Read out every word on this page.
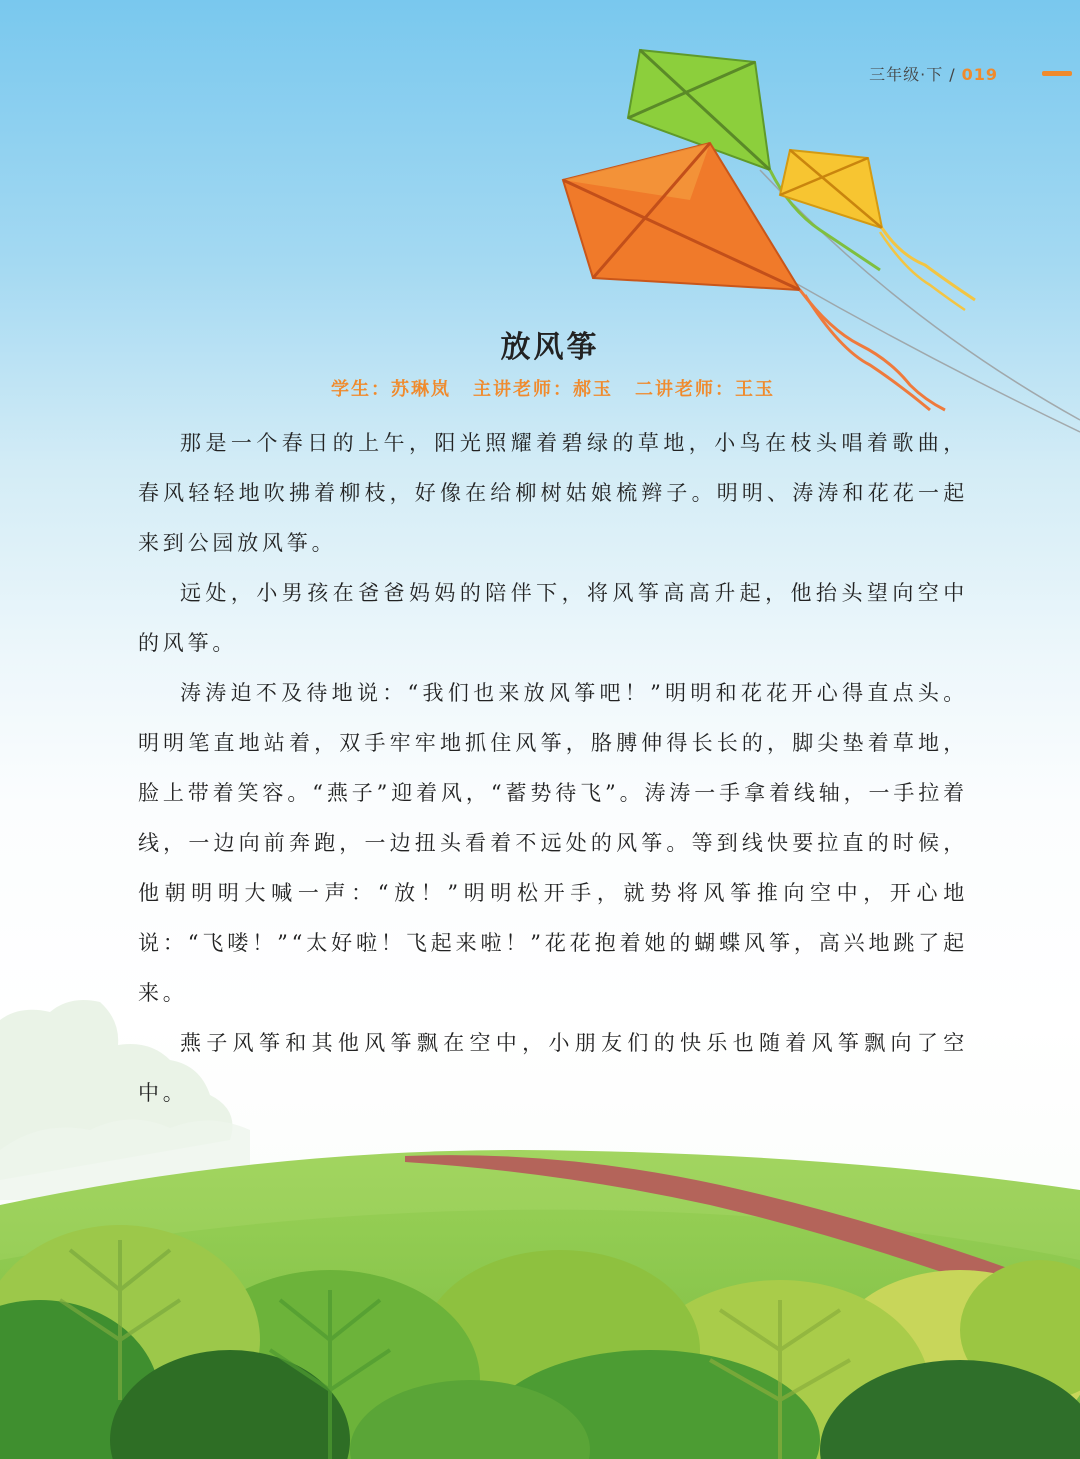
三年级·下 / 019
放风筝
学生：苏琳岚 主讲老师：郝玉 二讲老师：王玉

那是一个春日的上午，阳光照耀着碧绿的草地，小鸟在枝头唱着歌曲，春风轻轻地吹拂着柳枝，好像在给柳树姑娘梳辫子。明明、涛涛和花花一起来到公园放风筝。

远处，小男孩在爸爸妈妈的陪伴下，将风筝高高升起，他抬头望向空中的风筝。

涛涛迫不及待地说：“我们也来放风筝吧！”明明和花花开心得直点头。明明笔直地站着，双手牢牢地抓住风筝，胳膊伸得长长的，脚尖垫着草地，脸上带着笑容。“燕子”迎着风，“蓄势待飞”。涛涛一手拿着线轴，一手拉着线，一边向前奔跑，一边扭头看着不远处的风筝。等到线快要拉直的时候，他朝明明大喊一声：“放！”明明松开手，就势将风筝推向空中，开心地说：“飞喽！”“太好啦！飞起来啦！”花花抱着她的蝴蝶风筝，高兴地跳了起来。

燕子风筝和其他风筝飘在空中，小朋友们的快乐也随着风筝飘向了空中。
